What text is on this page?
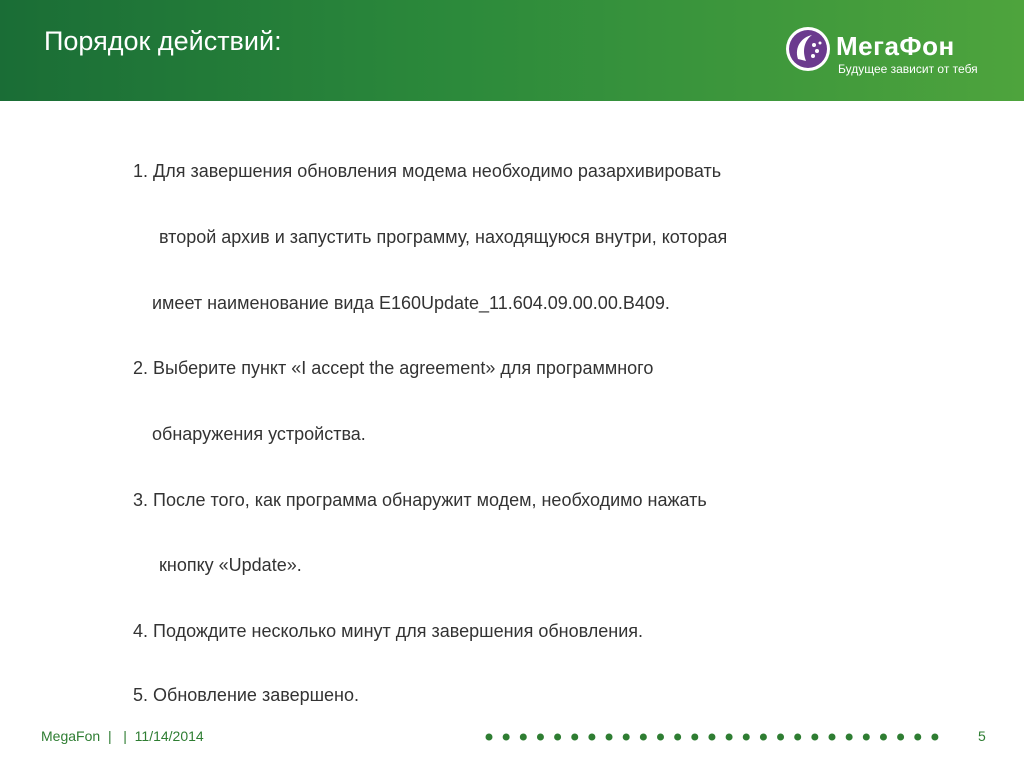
Порядок действий:	МегаФон
Будущее зависит от тебя
1. Для завершения обновления модема необходимо разархивировать
второй архив и запустить программу, находящуюся внутри, которая
имеет наименование вида E160Update_11.604.09.00.00.B409.
2. Выберите пункт «I accept the agreement» для программного
обнаружения устройства.
3. После того, как программа обнаружит модем, необходимо нажать
кнопку «Update».
4. Подождите несколько минут для завершения обновления.
5. Обновление завершено.
MegaFon | | 11/14/2014	5
